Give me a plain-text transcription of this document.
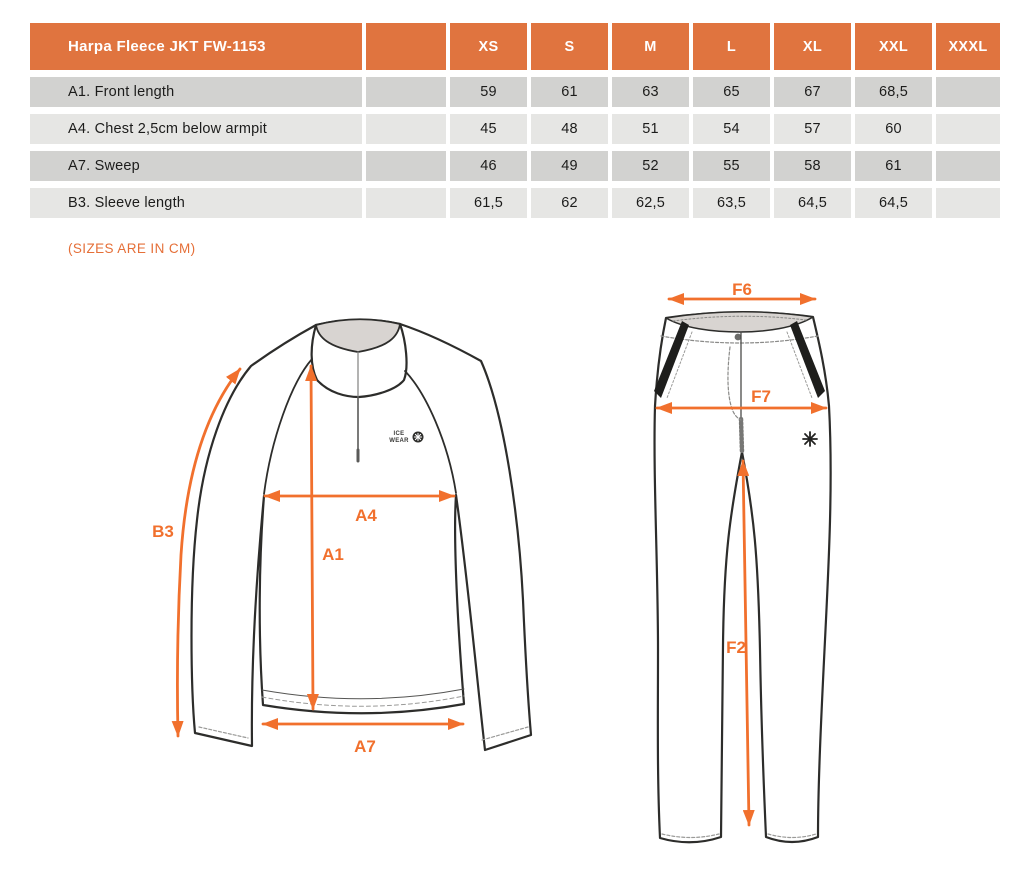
Harpa Fleece JKT FW-1153	XS	S	M	L	XL	XXL	XXXL
A1. Front length	59	61	63	65	67	68,5
A4. Chest 2,5cm below armpit	45	48	51	54	57	60
A7. Sweep	46	49	52	55	58	61
B3. Sleeve length	61,5	62	62,5	63,5	64,5	64,5
(SIZES ARE IN CM)
ICE
WEAR
B3
A4
A1
A7
F6
F7
F2
